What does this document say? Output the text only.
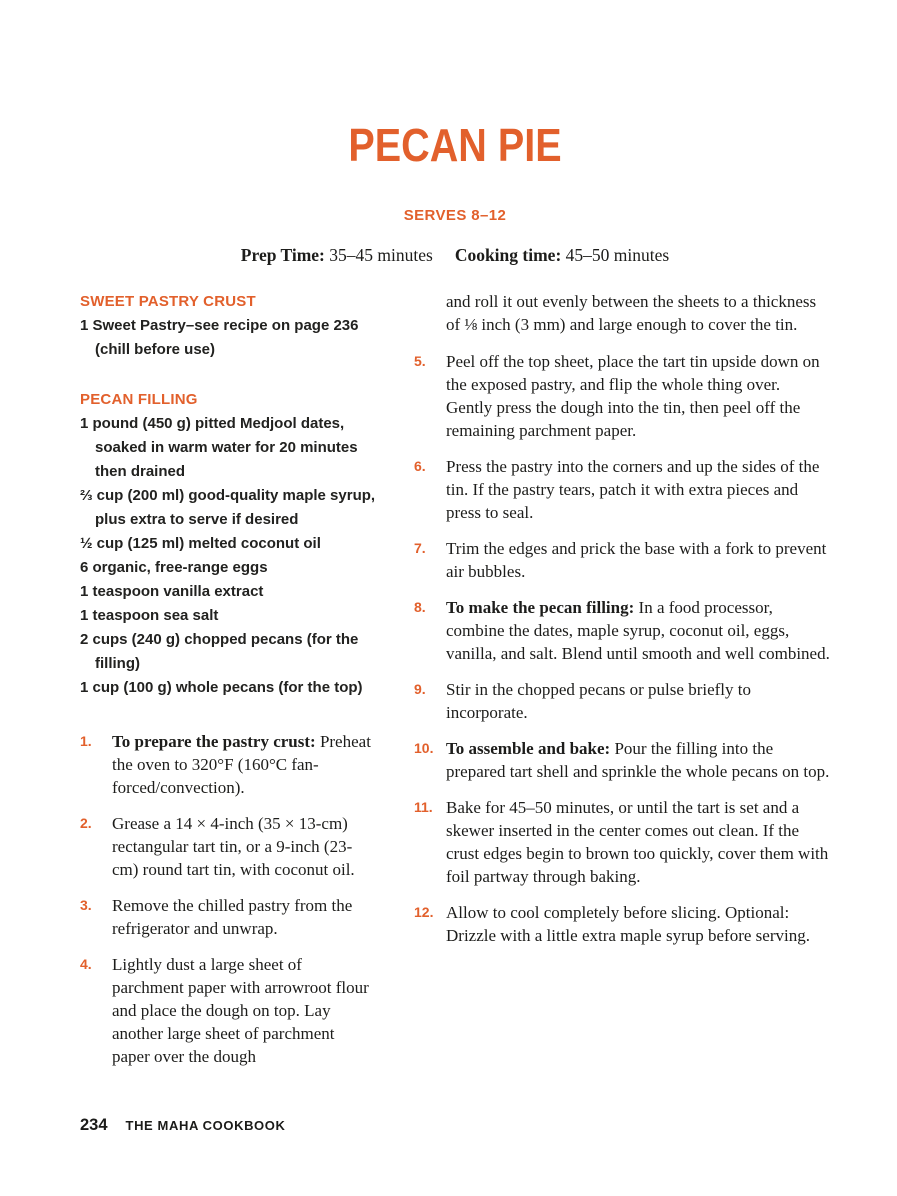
PECAN PIE
SERVES 8–12
Prep Time: 35–45 minutes Cooking time: 45–50 minutes
SWEET PASTRY CRUST
1 Sweet Pastry–see recipe on page 236 (chill before use)
PECAN FILLING
1 pound (450 g) pitted Medjool dates, soaked in warm water for 20 minutes then drained
⅔ cup (200 ml) good-quality maple syrup, plus extra to serve if desired
½ cup (125 ml) melted coconut oil
6 organic, free-range eggs
1 teaspoon vanilla extract
1 teaspoon sea salt
2 cups (240 g) chopped pecans (for the filling)
1 cup (100 g) whole pecans (for the top)
1.	To prepare the pastry crust: Preheat the oven to 320°F (160°C fan-forced/convection).
2.	Grease a 14 × 4-inch (35 × 13-cm) rectangular tart tin, or a 9-inch (23-cm) round tart tin, with coconut oil.
3.	Remove the chilled pastry from the refrigerator and unwrap.
4.	Lightly dust a large sheet of parchment paper with arrowroot flour and place the dough on top. Lay another large sheet of parchment paper over the dough

and roll it out evenly between the sheets to a thickness of ⅛ inch (3 mm) and large enough to cover the tin.

5.	Peel off the top sheet, place the tart tin upside down on the exposed pastry, and flip the whole thing over. Gently press the dough into the tin, then peel off the remaining parchment paper.
6.	Press the pastry into the corners and up the sides of the tin. If the pastry tears, patch it with extra pieces and press to seal.
7.	Trim the edges and prick the base with a fork to prevent air bubbles.
8.	To make the pecan filling: In a food processor, combine the dates, maple syrup, coconut oil, eggs, vanilla, and salt. Blend until smooth and well combined.
9.	Stir in the chopped pecans or pulse briefly to incorporate.
10. To assemble and bake: Pour the filling into the prepared tart shell and sprinkle the whole pecans on top.
11. Bake for 45–50 minutes, or until the tart is set and a skewer inserted in the center comes out clean. If the crust edges begin to brown too quickly, cover them with foil partway through baking.
12. Allow to cool completely before slicing. Optional: Drizzle with a little extra maple syrup before serving.
234 THE MAHA COOKBOOK
